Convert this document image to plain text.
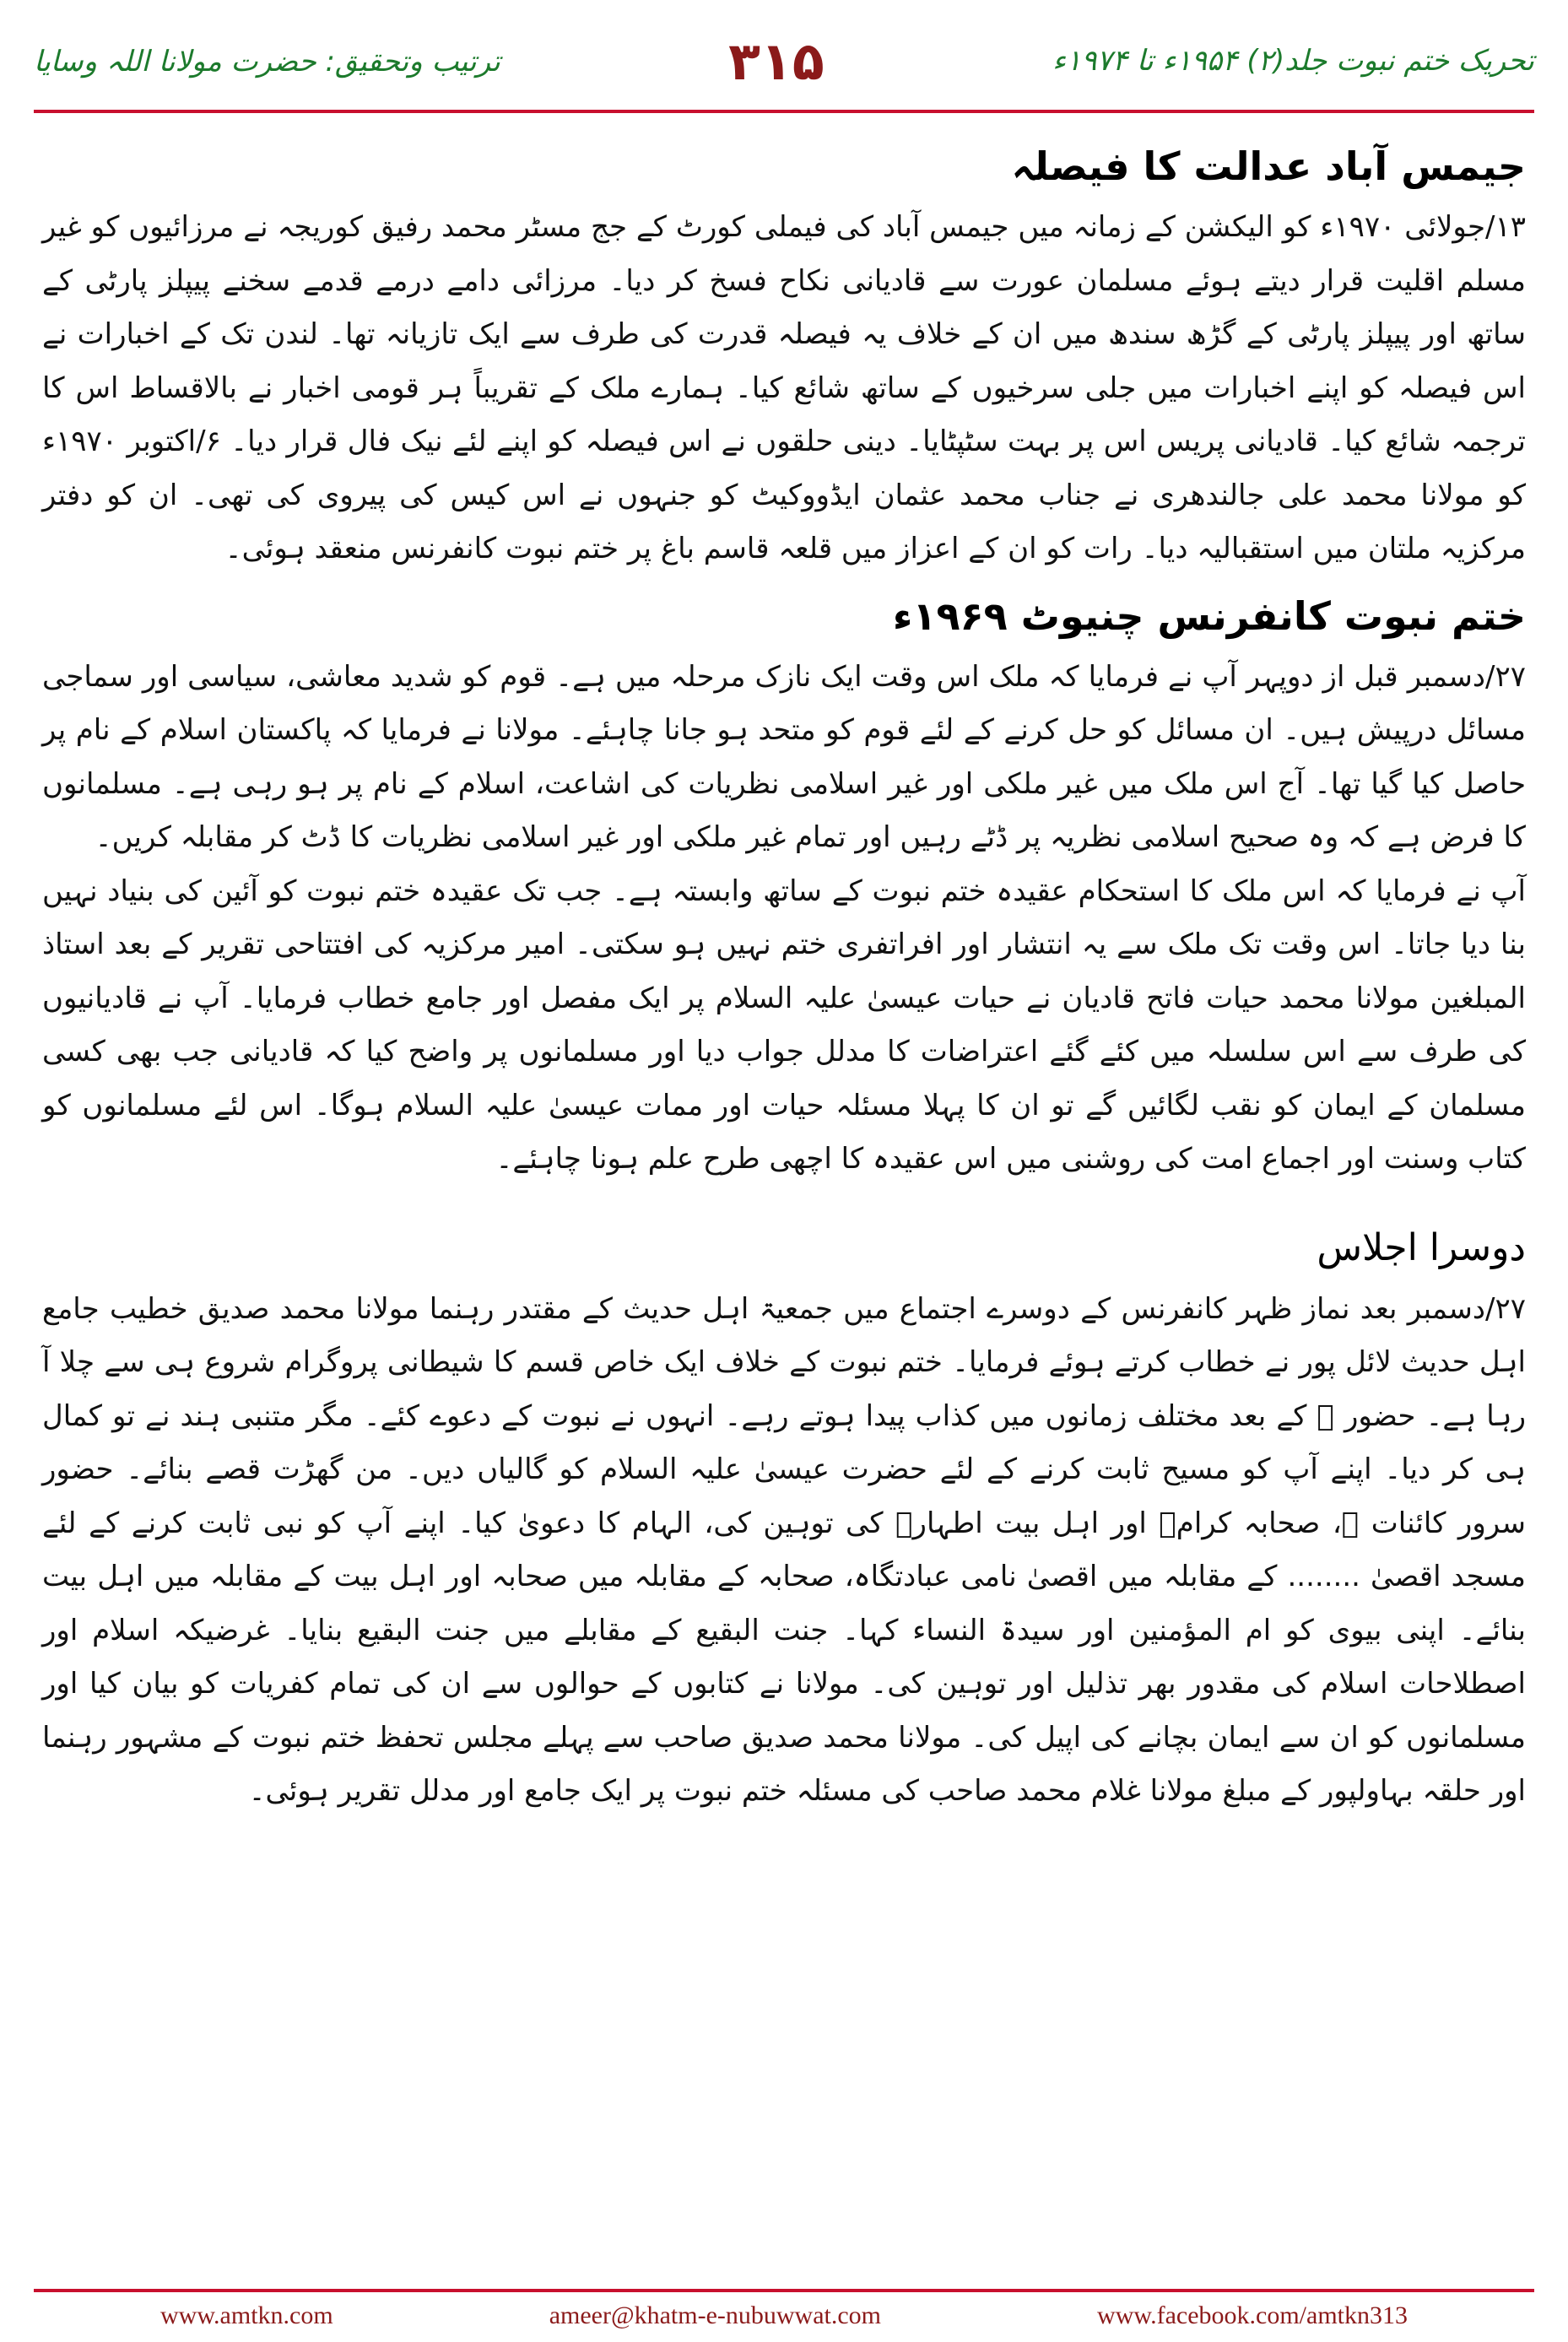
ترتیب وتحقیق: حضرت مولانا اللہ وسایا	۳۱۵	تحریک ختم نبوت جلد(۲) ۱۹۵۴ء تا ۱۹۷۴ء
جیمس آباد عدالت کا فیصلہ

۱۳/جولائی ۱۹۷۰ء کو الیکشن کے زمانہ میں جیمس آباد کی فیملی کورٹ کے جج مسٹر محمد رفیق کوریجہ نے مرزائیوں کو غیر مسلم اقلیت قرار دیتے ہوئے مسلمان عورت سے قادیانی نکاح فسخ کر دیا۔ مرزائی دامے درمے قدمے سخنے پیپلز پارٹی کے ساتھ اور پیپلز پارٹی کے گڑھ سندھ میں ان کے خلاف یہ فیصلہ قدرت کی طرف سے ایک تازیانہ تھا۔ لندن تک کے اخبارات نے اس فیصلہ کو اپنے اخبارات میں جلی سرخیوں کے ساتھ شائع کیا۔ ہمارے ملک کے تقریباً ہر قومی اخبار نے بالاقساط اس کا ترجمہ شائع کیا۔ قادیانی پریس اس پر بہت سٹپٹایا۔ دینی حلقوں نے اس فیصلہ کو اپنے لئے نیک فال قرار دیا۔ ۶/اکتوبر ۱۹۷۰ء کو مولانا محمد علی جالندھری نے جناب محمد عثمان ایڈووکیٹ کو جنہوں نے اس کیس کی پیروی کی تھی۔ ان کو دفتر مرکزیہ ملتان میں استقبالیہ دیا۔ رات کو ان کے اعزاز میں قلعہ قاسم باغ پر ختم نبوت کانفرنس منعقد ہوئی۔

ختم نبوت کانفرنس چنیوٹ ۱۹۶۹ء

۲۷/دسمبر قبل از دوپہر آپ نے فرمایا کہ ملک اس وقت ایک نازک مرحلہ میں ہے۔ قوم کو شدید معاشی، سیاسی اور سماجی مسائل درپیش ہیں۔ ان مسائل کو حل کرنے کے لئے قوم کو متحد ہو جانا چاہئے۔ مولانا نے فرمایا کہ پاکستان اسلام کے نام پر حاصل کیا گیا تھا۔ آج اس ملک میں غیر ملکی اور غیر اسلامی نظریات کی اشاعت، اسلام کے نام پر ہو رہی ہے۔ مسلمانوں کا فرض ہے کہ وہ صحیح اسلامی نظریہ پر ڈٹے رہیں اور تمام غیر ملکی اور غیر اسلامی نظریات کا ڈٹ کر مقابلہ کریں۔

آپ نے فرمایا کہ اس ملک کا استحکام عقیدہ ختم نبوت کے ساتھ وابستہ ہے۔ جب تک عقیدہ ختم نبوت کو آئین کی بنیاد نہیں بنا دیا جاتا۔ اس وقت تک ملک سے یہ انتشار اور افراتفری ختم نہیں ہو سکتی۔ امیر مرکزیہ کی افتتاحی تقریر کے بعد استاذ المبلغین مولانا محمد حیات فاتح قادیان نے حیات عیسیٰ علیہ السلام پر ایک مفصل اور جامع خطاب فرمایا۔ آپ نے قادیانیوں کی طرف سے اس سلسلہ میں کئے گئے اعتراضات کا مدلل جواب دیا اور مسلمانوں پر واضح کیا کہ قادیانی جب بھی کسی مسلمان کے ایمان کو نقب لگائیں گے تو ان کا پہلا مسئلہ حیات اور ممات عیسیٰ علیہ السلام ہوگا۔ اس لئے مسلمانوں کو کتاب وسنت اور اجماع امت کی روشنی میں اس عقیدہ کا اچھی طرح علم ہونا چاہئے۔

دوسرا اجلاس

۲۷/دسمبر بعد نماز ظہر کانفرنس کے دوسرے اجتماع میں جمعیۃ اہل حدیث کے مقتدر رہنما مولانا محمد صدیق خطیب جامع اہل حدیث لائل پور نے خطاب کرتے ہوئے فرمایا۔ ختم نبوت کے خلاف ایک خاص قسم کا شیطانی پروگرام شروع ہی سے چلا آ رہا ہے۔ حضور ﷺ کے بعد مختلف زمانوں میں کذاب پیدا ہوتے رہے۔ انہوں نے نبوت کے دعوے کئے۔ مگر متنبی ہند نے تو کمال ہی کر دیا۔ اپنے آپ کو مسیح ثابت کرنے کے لئے حضرت عیسیٰ علیہ السلام کو گالیاں دیں۔ من گھڑت قصے بنائے۔ حضور سرور کائنات ﷺ، صحابہ کرامؓ اور اہل بیت اطہارؓ کی توہین کی، الہام کا دعویٰ کیا۔ اپنے آپ کو نبی ثابت کرنے کے لئے مسجد اقصیٰ ........ کے مقابلہ میں اقصیٰ نامی عبادتگاہ، صحابہ کے مقابلہ میں صحابہ اور اہل بیت کے مقابلہ میں اہل بیت بنائے۔ اپنی بیوی کو ام المؤمنین اور سیدۃ النساء کہا۔ جنت البقیع کے مقابلے میں جنت البقیع بنایا۔ غرضیکہ اسلام اور اصطلاحات اسلام کی مقدور بھر تذلیل اور توہین کی۔ مولانا نے کتابوں کے حوالوں سے ان کی تمام کفریات کو بیان کیا اور مسلمانوں کو ان سے ایمان بچانے کی اپیل کی۔ مولانا محمد صدیق صاحب سے پہلے مجلس تحفظ ختم نبوت کے مشہور رہنما اور حلقہ بہاولپور کے مبلغ مولانا غلام محمد صاحب کی مسئلہ ختم نبوت پر ایک جامع اور مدلل تقریر ہوئی۔

www.amtkn.com	ameer@khatm-e-nubuwwat.com	www.facebook.com/amtkn313
